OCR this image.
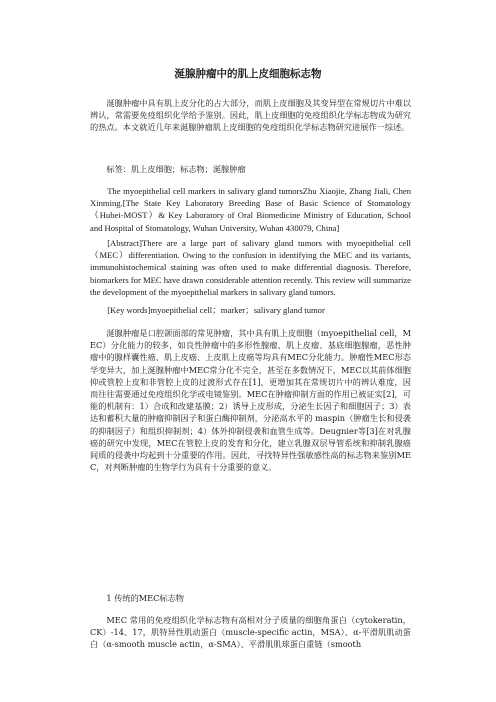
涎腺肿瘤中的肌上皮细胞标志物

涎腺肿瘤中具有肌上皮分化的占大部分，而肌上皮细胞及其变异型在常规切片中难以辨认，常需要免疫组织化学给予鉴别。因此，肌上皮细胞的免疫组织化学标志物成为研究的热点。本文就近几年来涎腺肿瘤肌上皮细胞的免疫组织化学标志物研究进展作一综述。

标签：肌上皮细胞；标志物；涎腺肿瘤

The myoepithelial cell markers in salivary gland tumorsZhu Xiaojie, Zhang Jiali, Chen Xinming.[The State Key Laboratory Breeding Base of Basic Science of Stomatology（Hubei-MOST）& Key Laboratory of Oral Biomedicine Ministry of Education, School and Hospital of Stomatology, Wuhan University, Wuhan 430079, China]

[Abstract]There are a large part of salivary gland tumors with myoepithelial cell（MEC）differentiation. Owing to the confusion in identifying the MEC and its variants, immunohistochemical staining was often used to make differential diagnosis. Therefore, biomarkers for MEC have drawn considerable attention recently. This review will summarize the development of the myoepithelial markers in salivary gland tumors.

[Key words]myoepithelial cell；marker；salivary gland tumor

涎腺肿瘤是口腔颌面部的常见肿瘤，其中具有肌上皮细胞（myoepithelial cell，MEC）分化能力的较多，如良性肿瘤中的多形性腺瘤、肌上皮瘤、基底细胞腺瘤，恶性肿瘤中的腺样囊性癌、肌上皮癌、上皮肌上皮癌等均具有MEC分化能力。肿瘤性MEC形态学变异大，加上涎腺肿瘤中MEC常分化不完全，甚至在多数情况下，MEC以其前体细胞抑或管腔上皮和非管腔上皮的过渡形式存在[1]，更增加其在常规切片中的辨认难度，因而往往需要通过免疫组织化学或电镜鉴别。MEC在肿瘤抑制方面的作用已被证实[2]，可能的机制有：1）合成和改建基膜；2）诱导上皮形成，分泌生长因子和细胞因子；3）表达和蓄积大量的肿瘤抑制因子和蛋白酶抑制剂，分泌高水平的 maspin（肿瘤生长和侵袭的抑制因子）和组织抑制剂；4）体外抑制侵袭和血管生成等。Deugnier等[3]在对乳腺癌的研究中发现，MEC在管腔上皮的发育和分化，建立乳腺双层导管系统和抑制乳腺癌间质的侵袭中均起到十分重要的作用。因此，寻找特异性强敏感性高的标志物来鉴别MEC，对判断肿瘤的生物学行为具有十分重要的意义。

1 传统的MEC标志物

MEC 常用的免疫组织化学标志物有高相对分子质量的细胞角蛋白（cytokeratin，CK）-14、17，肌特异性肌动蛋白（muscle-specific actin，MSA）、α-平滑肌肌动蛋白（α-smooth muscle actin，α-SMA）、平滑肌肌球蛋白重链（smooth
